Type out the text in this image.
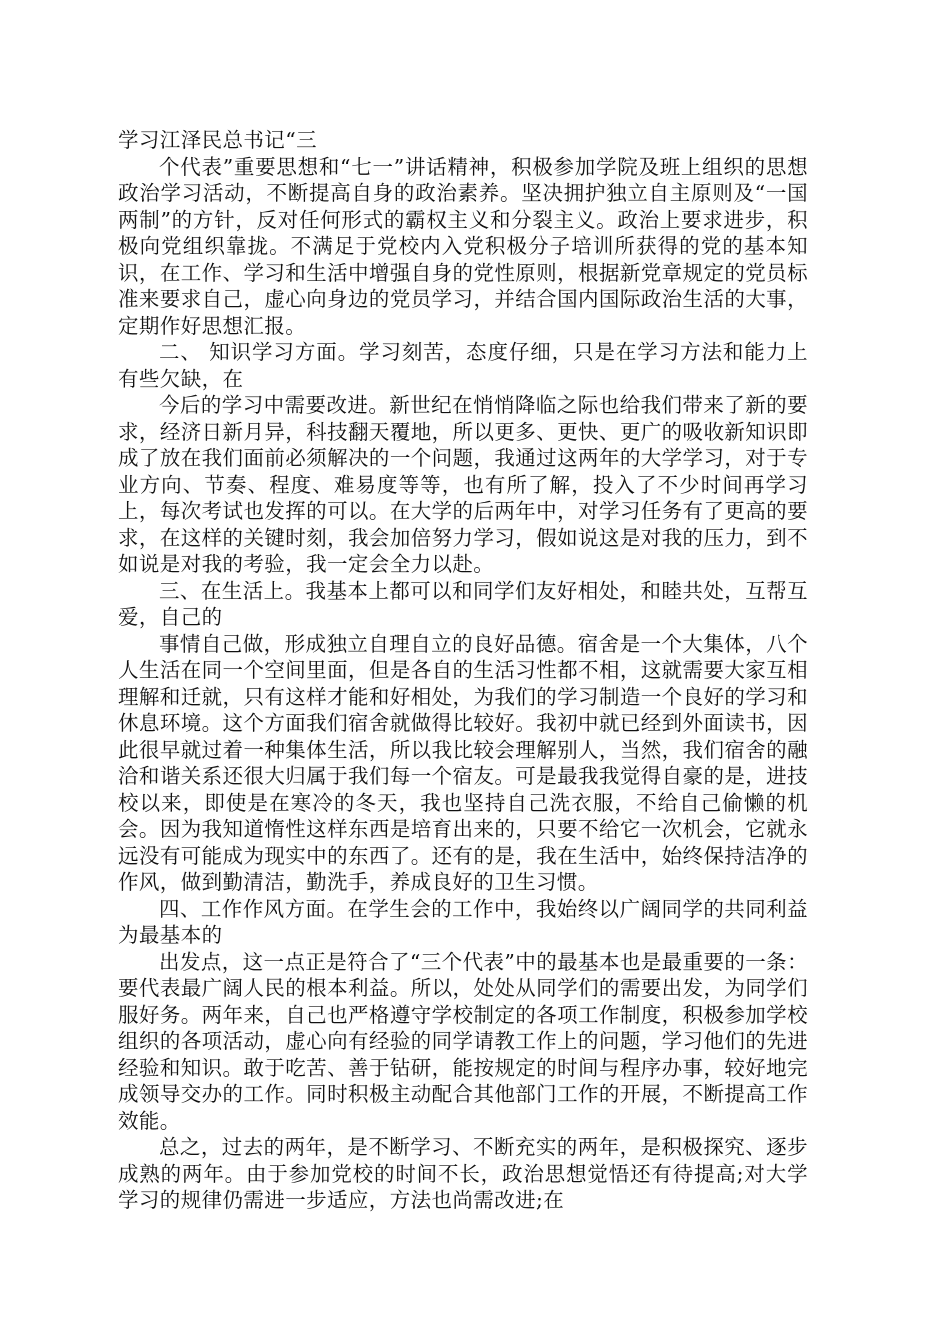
学习江泽民总书记“三

个代表”重要思想和“七一”讲话精神，积极参加学院及班上组织的思想政治学习活动，不断提高自身的政治素养。坚决拥护独立自主原则及“一国两制”的方针，反对任何形式的霸权主义和分裂主义。政治上要求进步，积极向党组织靠拢。不满足于党校内入党积极分子培训所获得的党的基本知识，在工作、学习和生活中增强自身的党性原则，根据新党章规定的党员标准来要求自己，虚心向身边的党员学习，并结合国内国际政治生活的大事，定期作好思想汇报。

二、 知识学习方面。学习刻苦，态度仔细，只是在学习方法和能力上有些欠缺，在

今后的学习中需要改进。新世纪在悄悄降临之际也给我们带来了新的要求，经济日新月异，科技翻天覆地，所以更多、更快、更广的吸收新知识即成了放在我们面前必须解决的一个问题，我通过这两年的大学学习，对于专业方向、节奏、程度、难易度等等，也有所了解，投入了不少时间再学习上，每次考试也发挥的可以。在大学的后两年中，对学习任务有了更高的要求，在这样的关键时刻，我会加倍努力学习，假如说这是对我的压力，到不如说是对我的考验，我一定会全力以赴。

三、在生活上。我基本上都可以和同学们友好相处，和睦共处，互帮互爱，自己的

事情自己做，形成独立自理自立的良好品德。宿舍是一个大集体，八个人生活在同一个空间里面，但是各自的生活习性都不相，这就需要大家互相理解和迁就，只有这样才能和好相处，为我们的学习制造一个良好的学习和休息环境。这个方面我们宿舍就做得比较好。我初中就已经到外面读书，因此很早就过着一种集体生活，所以我比较会理解别人，当然，我们宿舍的融洽和谐关系还很大归属于我们每一个宿友。可是最我我觉得自豪的是，进技校以来，即使是在寒冷的冬天，我也坚持自己洗衣服，不给自己偷懒的机会。因为我知道惰性这样东西是培育出来的，只要不给它一次机会，它就永远没有可能成为现实中的东西了。还有的是，我在生活中，始终保持洁净的作风，做到勤清洁，勤洗手，养成良好的卫生习惯。

四、工作作风方面。在学生会的工作中，我始终以广阔同学的共同利益为最基本的

出发点，这一点正是符合了“三个代表”中的最基本也是最重要的一条：要代表最广阔人民的根本利益。所以，处处从同学们的需要出发，为同学们服好务。两年来，自己也严格遵守学校制定的各项工作制度，积极参加学校组织的各项活动，虚心向有经验的同学请教工作上的问题，学习他们的先进经验和知识。敢于吃苦、善于钻研，能按规定的时间与程序办事，较好地完成领导交办的工作。同时积极主动配合其他部门工作的开展，不断提高工作效能。

总之，过去的两年，是不断学习、不断充实的两年，是积极探究、逐步成熟的两年。由于参加党校的时间不长，政治思想觉悟还有待提高;对大学学习的规律仍需进一步适应，方法也尚需改进;在
